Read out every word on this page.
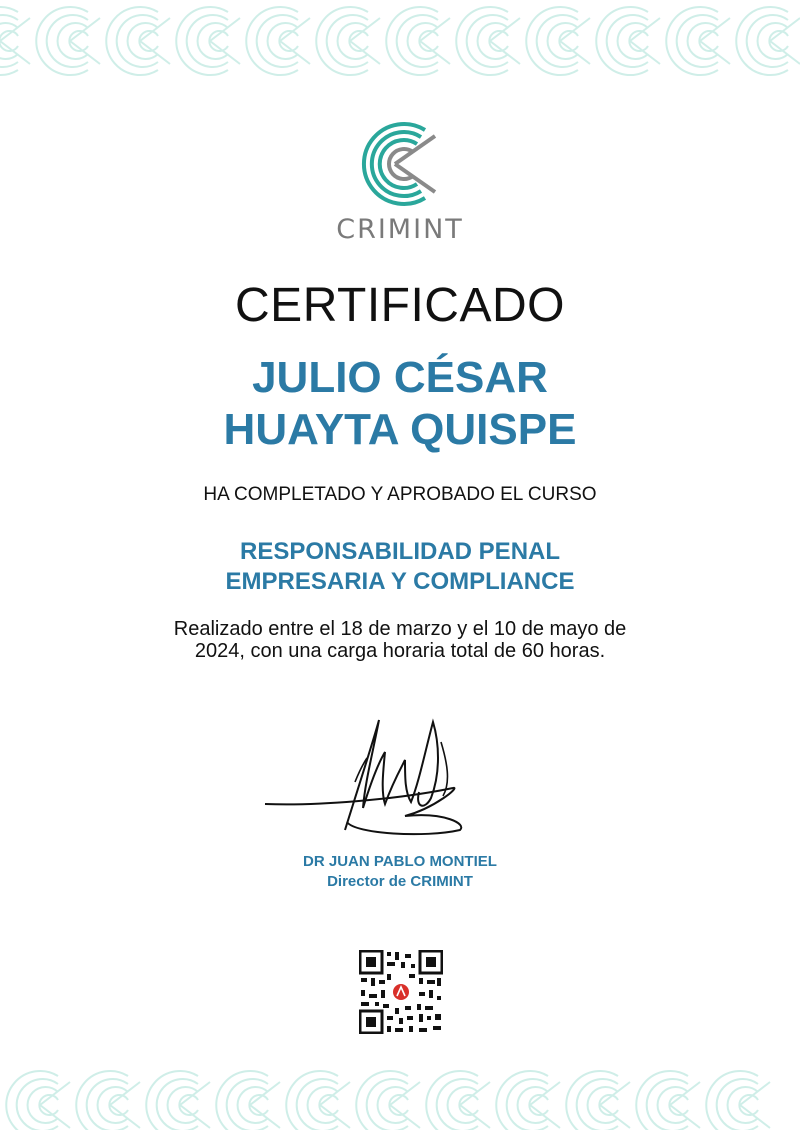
CRIMINT
CERTIFICADO
JULIO CÉSAR
HUAYTA QUISPE
HA COMPLETADO Y APROBADO EL CURSO
RESPONSABILIDAD PENAL
EMPRESARIA Y COMPLIANCE
Realizado entre el 18 de marzo y el 10 de mayo de
2024, con una carga horaria total de 60 horas.
DR JUAN PABLO MONTIEL
Director de CRIMINT
